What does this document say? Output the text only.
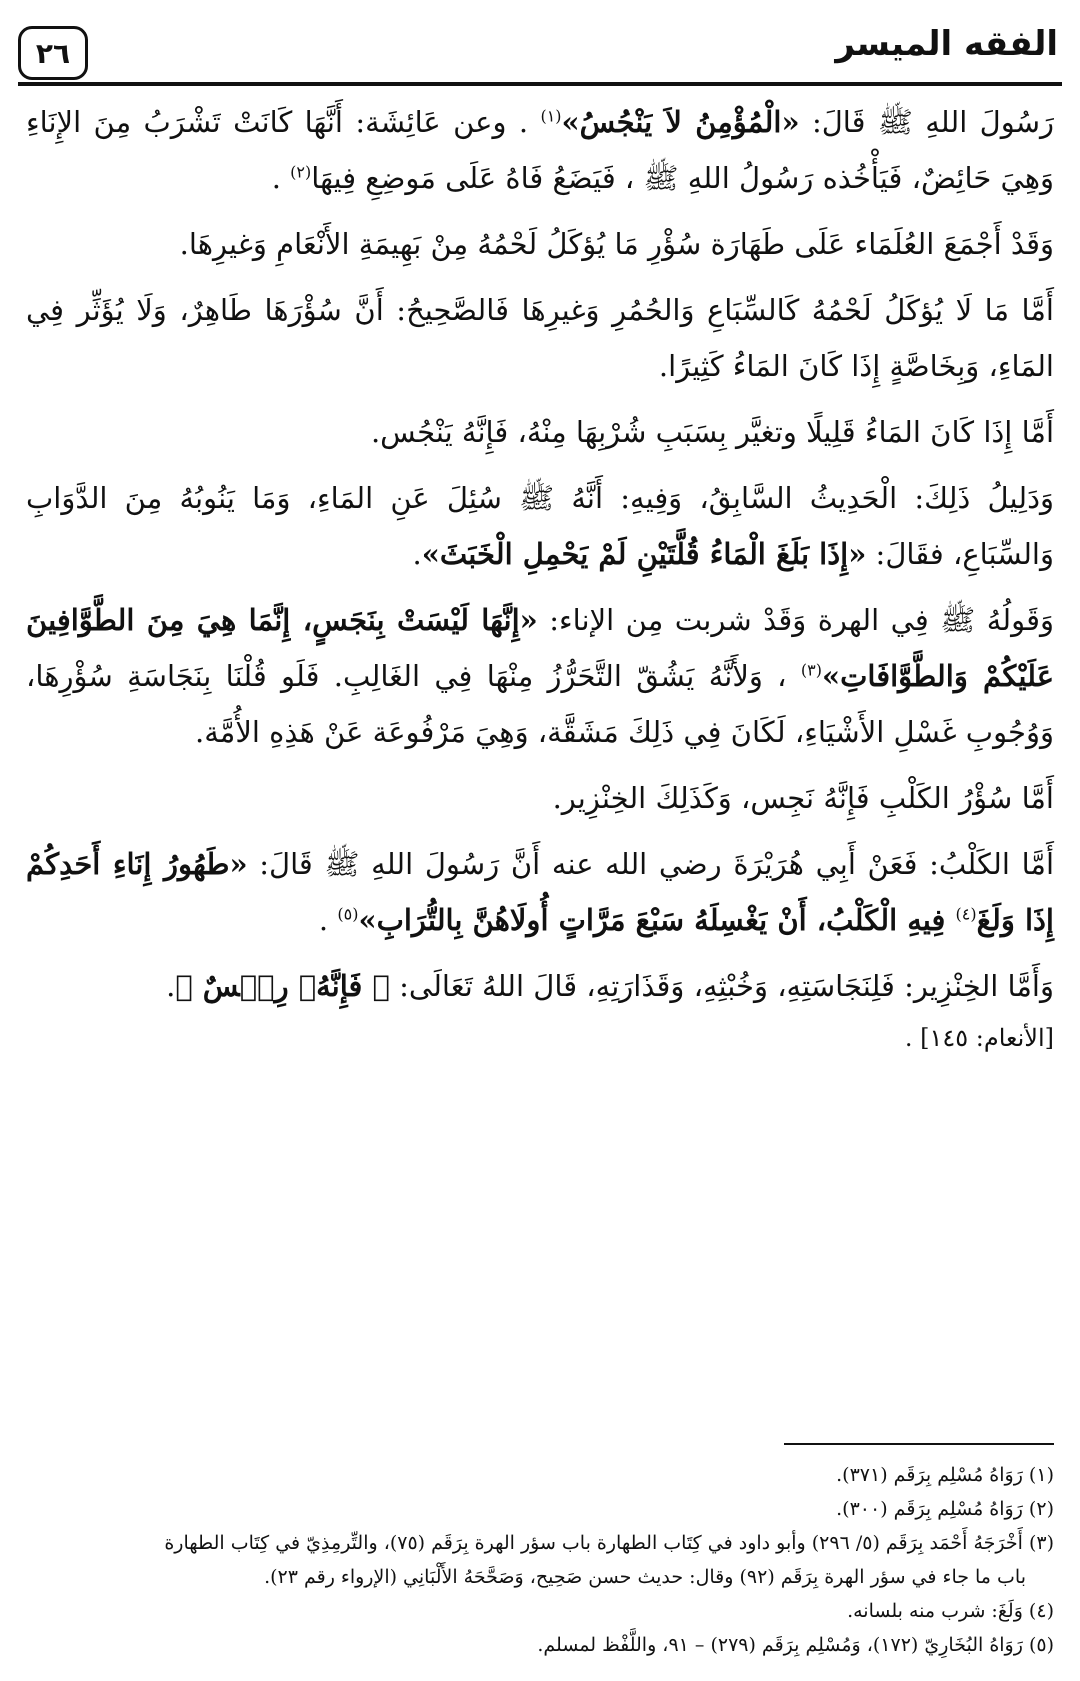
الفقه الميسر
٢٦

رَسُولَ اللهِ ﷺ قَالَ: «الْمُؤْمِنُ لاَ يَنْجُسُ»$^{(١)}$ . وعن عَائِشَة: أَنَّهَا كَانَتْ تَشْرَبُ مِنَ الإِنَاءِ وَهِيَ حَائِضٌ، فَيَأْخُذه رَسُولُ اللهِ ﷺ ، فَيَضَعُ فَاهُ عَلَى مَوضِعِ فِيهَا$^{(٢)}$ .

وَقَدْ أَجْمَعَ العُلَمَاء عَلَى طَهَارَة سُؤْرِ مَا يُؤكَلُ لَحْمُهُ مِنْ بَهِيمَةِ الأَنْعَامِ وَغيرِهَا.

أَمَّا مَا لَا يُؤكَلُ لَحْمُهُ كَالسِّبَاعِ وَالحُمُرِ وَغيرِهَا فَالصَّحِيحُ: أَنَّ سُؤْرَهَا طَاهِرٌ، وَلَا يُؤَثِّر فِي المَاءِ، وَبِخَاصَّةٍ إِذَا كَانَ المَاءُ كَثِيرًا.

أَمَّا إِذَا كَانَ المَاءُ قَلِيلًا وتغيَّر بِسَبَبِ شُرْبِهَا مِنْهُ، فَإِنَّهُ يَنْجُس.

وَدَلِيلُ ذَلِكَ: الْحَدِيثُ السَّابِقُ، وَفِيهِ: أَنَّهُ ﷺ سُئِلَ عَنِ المَاءِ، وَمَا يَنُوبُهُ مِنَ الدَّوَابِ وَالسِّبَاعِ، فقَالَ: «إِذَا بَلَغَ الْمَاءُ قُلَّتَيْنِ لَمْ يَحْمِلِ الْخَبَثَ».

وَقَولُهُ ﷺ فِي الهرة وَقَدْ شربت مِن الإناء: «إِنَّهَا لَيْسَتْ بِنَجَسٍ، إِنَّمَا هِيَ مِنَ الطَّوَّافِينَ عَلَيْكُمْ وَالطَّوَّافَاتِ»$^{(٣)}$ ، وَلأَنَّهُ يَشُقّ التَّحَرُّزُ مِنْهَا فِي الغَالِبِ. فَلَو قُلْنَا بِنَجَاسَةِ سُؤْرِهَا، وَوُجُوبِ غَسْلِ الأَشْيَاءِ، لَكَانَ فِي ذَلِكَ مَشَقَّة، وَهِيَ مَرْفُوعَة عَنْ هَذِهِ الأُمَّة.

أَمَّا سُؤْرُ الكَلْبِ فَإِنَّهُ نَجِس، وَكَذَلِكَ الخِنْزِير.

أَمَّا الكَلْبُ: فَعَنْ أَبِي هُرَيْرَةَ رضي الله عنه أَنَّ رَسُولَ اللهِ ﷺ قَالَ: «طَهُورُ إِنَاءِ أَحَدِكُمْ إِذَا وَلَغَ$^{(٤)}$ فِيهِ الْكَلْبُ، أَنْ يَغْسِلَهُ سَبْعَ مَرَّاتٍ أُولَاهُنَّ بِالتُّرَابِ»$^{(٥)}$ .

وَأَمَّا الخِنْزِير: فَلِنَجَاسَتِهِ، وَخُبْثِهِ، وَقَذَارَتِهِ، قَالَ اللهُ تَعَالَى: ﴿ فَإِنَّهُۥ رِجۡسٌ ﴾.
[الأنعام: ١٤٥] .

(١) رَوَاهُ مُسْلِم بِرَقَم (٣٧١).

(٢) رَوَاهُ مُسْلِم بِرَقَم (٣٠٠).

(٣) أَخْرَجَهُ أَحْمَد بِرَقَم (٥/ ٢٩٦) وأبو داود في كِتَاب الطهارة باب سؤر الهرة بِرَقَم (٧٥)، والتِّرمِذِيّ في كِتَاب الطهارة

باب ما جاء في سؤر الهرة بِرَقَم (٩٢) وقال: حديث حسن صَحِيح، وَصَحَّحَهُ الأَلْبَانِي (الإرواء رقم ٢٣).

(٤) وَلَغَ: شرب منه بلسانه.

(٥) رَوَاهُ البُخَارِيّ (١٧٢)، وَمُسْلِم بِرَقَم (٢٧٩) – ٩١، واللَّفْظ لمسلم.
